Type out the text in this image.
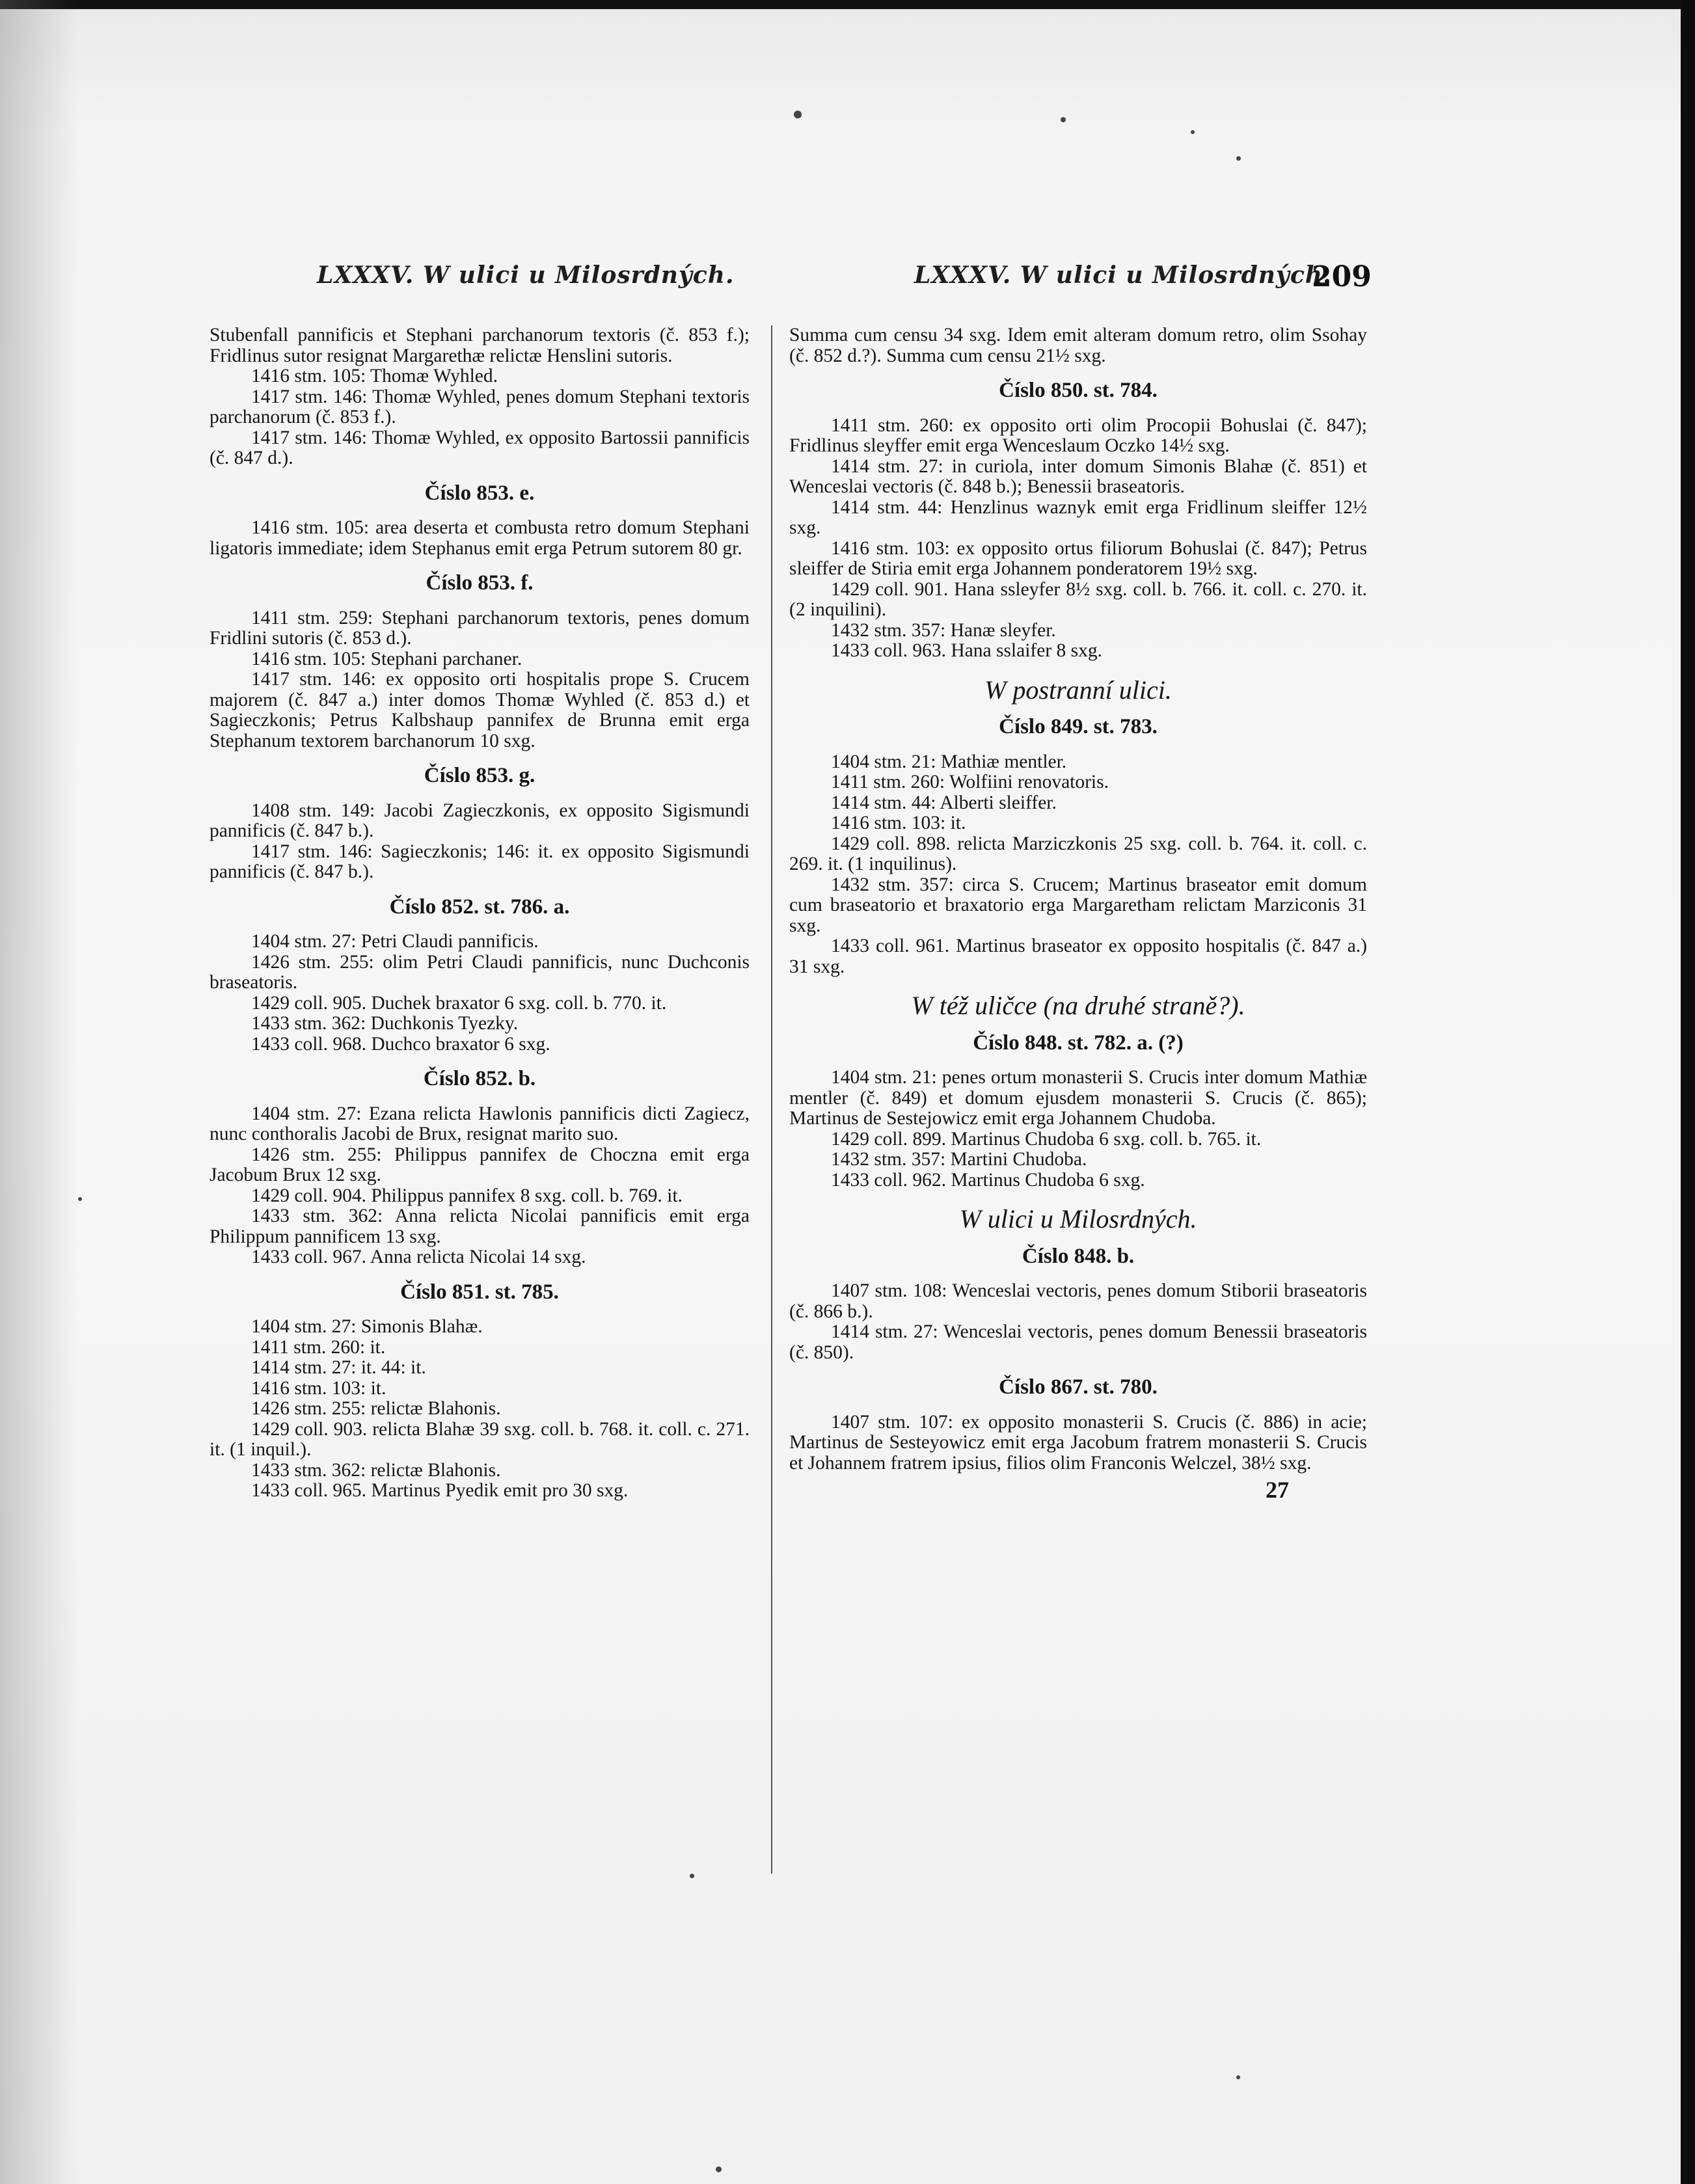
LXXXV. W ulici u Milosrdných.	LXXXV. W ulici u Milosrdných.
209

Stubenfall pannificis et Stephani parchanorum textoris (č. 853 f.); Fridlinus sutor resignat Margarethæ relictæ Henslini sutoris.

1416 stm. 105: Thomæ Wyhled.

1417 stm. 146: Thomæ Wyhled, penes domum Stephani textoris parchanorum (č. 853 f.).

1417 stm. 146: Thomæ Wyhled, ex opposito Bartossii pannificis (č. 847 d.).

Číslo 853. e.

1416 stm. 105: area deserta et combusta retro domum Stephani ligatoris immediate; idem Stephanus emit erga Petrum sutorem 80 gr.

Číslo 853. f.

1411 stm. 259: Stephani parchanorum textoris, penes domum Fridlini sutoris (č. 853 d.).

1416 stm. 105: Stephani parchaner.

1417 stm. 146: ex opposito orti hospitalis prope S. Crucem majorem (č. 847 a.) inter domos Thomæ Wyhled (č. 853 d.) et Sagieczkonis; Petrus Kalbshaup pannifex de Brunna emit erga Stephanum textorem barchanorum 10 sxg.

Číslo 853. g.

1408 stm. 149: Jacobi Zagieczkonis, ex opposito Sigismundi pannificis (č. 847 b.).

1417 stm. 146: Sagieczkonis; 146: it. ex opposito Sigismundi pannificis (č. 847 b.).

Číslo 852. st. 786. a.

1404 stm. 27: Petri Claudi pannificis.

1426 stm. 255: olim Petri Claudi pannificis, nunc Duchconis braseatoris.

1429 coll. 905. Duchek braxator 6 sxg. coll. b. 770. it.

1433 stm. 362: Duchkonis Tyezky.

1433 coll. 968. Duchco braxator 6 sxg.

Číslo 852. b.

1404 stm. 27: Ezana relicta Hawlonis pannificis dicti Zagiecz, nunc conthoralis Jacobi de Brux, resignat marito suo.

1426 stm. 255: Philippus pannifex de Choczna emit erga Jacobum Brux 12 sxg.

1429 coll. 904. Philippus pannifex 8 sxg. coll. b. 769. it.

1433 stm. 362: Anna relicta Nicolai pannificis emit erga Philippum pannificem 13 sxg.

1433 coll. 967. Anna relicta Nicolai 14 sxg.

Číslo 851. st. 785.

1404 stm. 27: Simonis Blahæ.

1411 stm. 260: it.

1414 stm. 27: it. 44: it.

1416 stm. 103: it.

1426 stm. 255: relictæ Blahonis.

1429 coll. 903. relicta Blahæ 39 sxg. coll. b. 768. it. coll. c. 271. it. (1 inquil.).

1433 stm. 362: relictæ Blahonis.

1433 coll. 965. Martinus Pyedik emit pro 30 sxg.

Summa cum censu 34 sxg. Idem emit alteram domum retro, olim Ssohay (č. 852 d.?). Summa cum censu 21½ sxg.

Číslo 850. st. 784.

1411 stm. 260: ex opposito orti olim Procopii Bohuslai (č. 847); Fridlinus sleyffer emit erga Wenceslaum Oczko 14½ sxg.

1414 stm. 27: in curiola, inter domum Simonis Blahæ (č. 851) et Wenceslai vectoris (č. 848 b.); Benessii braseatoris.

1414 stm. 44: Henzlinus waznyk emit erga Fridlinum sleiffer 12½ sxg.

1416 stm. 103: ex opposito ortus filiorum Bohuslai (č. 847); Petrus sleiffer de Stiria emit erga Johannem ponderatorem 19½ sxg.

1429 coll. 901. Hana ssleyfer 8½ sxg. coll. b. 766. it. coll. c. 270. it. (2 inquilini).

1432 stm. 357: Hanæ sleyfer.

1433 coll. 963. Hana sslaifer 8 sxg.

W postranní ulici.

Číslo 849. st. 783.

1404 stm. 21: Mathiæ mentler.

1411 stm. 260: Wolfiini renovatoris.

1414 stm. 44: Alberti sleiffer.

1416 stm. 103: it.

1429 coll. 898. relicta Marziczkonis 25 sxg. coll. b. 764. it. coll. c. 269. it. (1 inquilinus).

1432 stm. 357: circa S. Crucem; Martinus braseator emit domum cum braseatorio et braxatorio erga Margaretham relictam Marziconis 31 sxg.

1433 coll. 961. Martinus braseator ex opposito hospitalis (č. 847 a.) 31 sxg.

W též uličce (na druhé straně?).

Číslo 848. st. 782. a. (?)

1404 stm. 21: penes ortum monasterii S. Crucis inter domum Mathiæ mentler (č. 849) et domum ejusdem monasterii S. Crucis (č. 865); Martinus de Sestejowicz emit erga Johannem Chudoba.

1429 coll. 899. Martinus Chudoba 6 sxg. coll. b. 765. it.

1432 stm. 357: Martini Chudoba.

1433 coll. 962. Martinus Chudoba 6 sxg.

W ulici u Milosrdných.

Číslo 848. b.

1407 stm. 108: Wenceslai vectoris, penes domum Stiborii braseatoris (č. 866 b.).

1414 stm. 27: Wenceslai vectoris, penes domum Benessii braseatoris (č. 850).

Číslo 867. st. 780.

1407 stm. 107: ex opposito monasterii S. Crucis (č. 886) in acie; Martinus de Sesteyowicz emit erga Jacobum fratrem monasterii S. Crucis et Johannem fratrem ipsius, filios olim Franconis Welczel, 38½ sxg.

27
